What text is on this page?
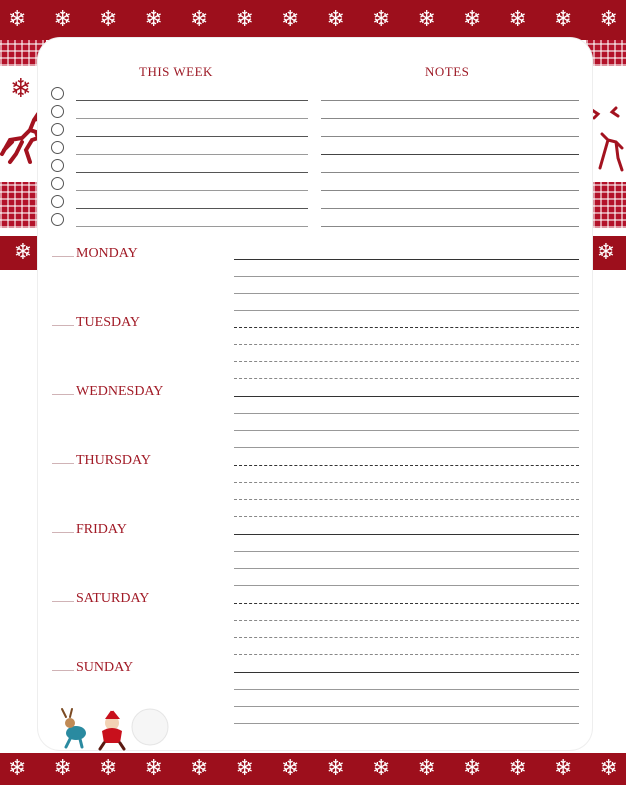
❄ ❄ ❄ ❄ ❄ ❄ ❄ ❄ ❄ ❄ ❄ ❄ ❄ ❄
❄	❄
❄
THIS WEEK	NOTES
MONDAY
TUESDAY
WEDNESDAY
THURSDAY
FRIDAY
SATURDAY
SUNDAY
❄ ❄ ❄ ❄ ❄ ❄ ❄ ❄ ❄ ❄ ❄ ❄ ❄ ❄
